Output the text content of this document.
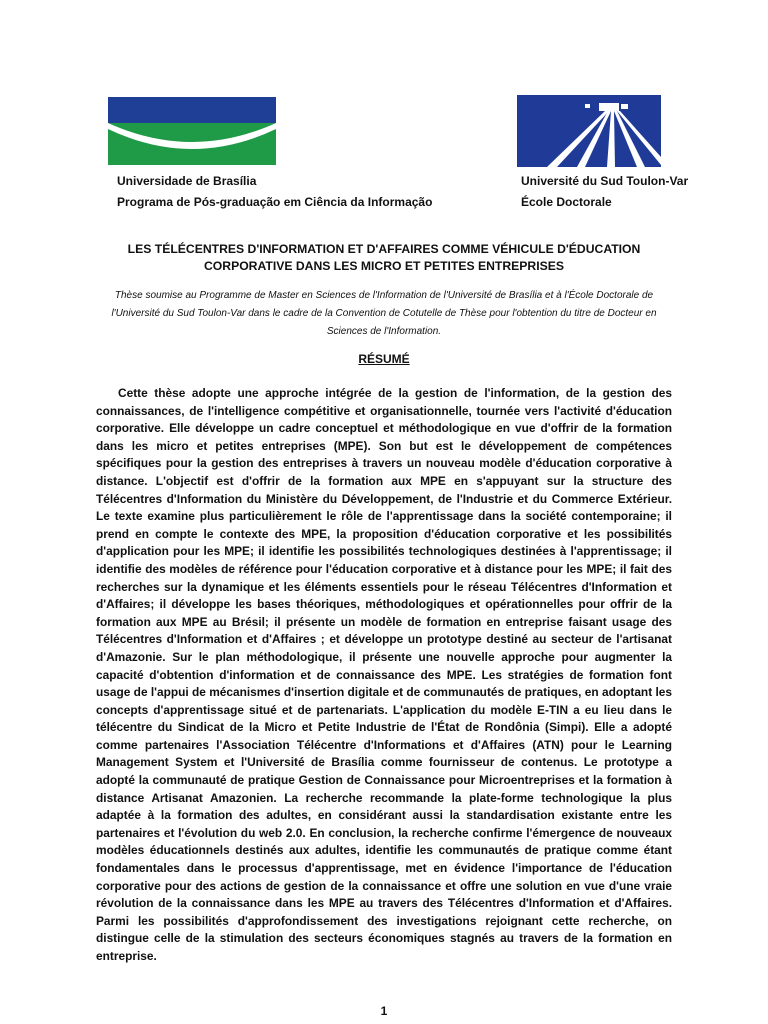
Universidade de Brasília
Programa de Pós-graduação em Ciência da Informação
Université du Sud Toulon-Var
École Doctorale
LES TÉLÉCENTRES D'INFORMATION ET D'AFFAIRES COMME VÉHICULE D'ÉDUCATION CORPORATIVE DANS LES MICRO ET PETITES ENTREPRISES
Thèse soumise au Programme de Master en Sciences de l'Information de l'Université de Brasília et à l'École Doctorale de l'Université du Sud Toulon-Var dans le cadre de la Convention de Cotutelle de Thèse pour l'obtention du titre de Docteur en Sciences de l'Information.
RÉSUMÉ

Cette thèse adopte une approche intégrée de la gestion de l'information, de la gestion des connaissances, de l'intelligence compétitive et organisationnelle, tournée vers l'activité d'éducation corporative. Elle développe un cadre conceptuel et méthodologique en vue d'offrir de la formation dans les micro et petites entreprises (MPE). Son but est le développement de compétences spécifiques pour la gestion des entreprises à travers un nouveau modèle d'éducation corporative à distance. L'objectif est d'offrir de la formation aux MPE en s'appuyant sur la structure des Télécentres d'Information du Ministère du Développement, de l'Industrie et du Commerce Extérieur. Le texte examine plus particulièrement le rôle de l'apprentissage dans la société contemporaine; il prend en compte le contexte des MPE, la proposition d'éducation corporative et les possibilités d'application pour les MPE; il identifie les possibilités technologiques destinées à l'apprentissage; il identifie des modèles de référence pour l'éducation corporative et à distance pour les MPE; il fait des recherches sur la dynamique et les éléments essentiels pour le réseau Télécentres d'Information et d'Affaires; il développe les bases théoriques, méthodologiques et opérationnelles pour offrir de la formation aux MPE au Brésil; il présente un modèle de formation en entreprise faisant usage des Télécentres d'Information et d'Affaires ; et développe un prototype destiné au secteur de l'artisanat d'Amazonie. Sur le plan méthodologique, il présente une nouvelle approche pour augmenter la capacité d'obtention d'information et de connaissance des MPE. Les stratégies de formation font usage de l'appui de mécanismes d'insertion digitale et de communautés de pratiques, en adoptant les concepts d'apprentissage situé et de partenariats. L'application du modèle E-TIN a eu lieu dans le télécentre du Sindicat de la Micro et Petite Industrie de l'État de Rondônia (Simpi). Elle a adopté comme partenaires l'Association Télécentre d'Informations et d'Affaires (ATN) pour le Learning Management System et l'Université de Brasília comme fournisseur de contenus. Le prototype a adopté la communauté de pratique Gestion de Connaissance pour Microentreprises et la formation à distance Artisanat Amazonien. La recherche recommande la plate-forme technologique la plus adaptée à la formation des adultes, en considérant aussi la standardisation existante entre les partenaires et l'évolution du web 2.0. En conclusion, la recherche confirme l'émergence de nouveaux modèles éducationnels destinés aux adultes, identifie les communautés de pratique comme étant fondamentales dans le processus d'apprentissage, met en évidence l'importance de l'éducation corporative pour des actions de gestion de la connaissance et offre une solution en vue d'une vraie révolution de la connaissance dans les MPE au travers des Télécentres d'Information et d'Affaires. Parmi les possibilités d'approfondissement des investigations rejoignant cette recherche, on distingue celle de la stimulation des secteurs économiques stagnés au travers de la formation en entreprise.

1
